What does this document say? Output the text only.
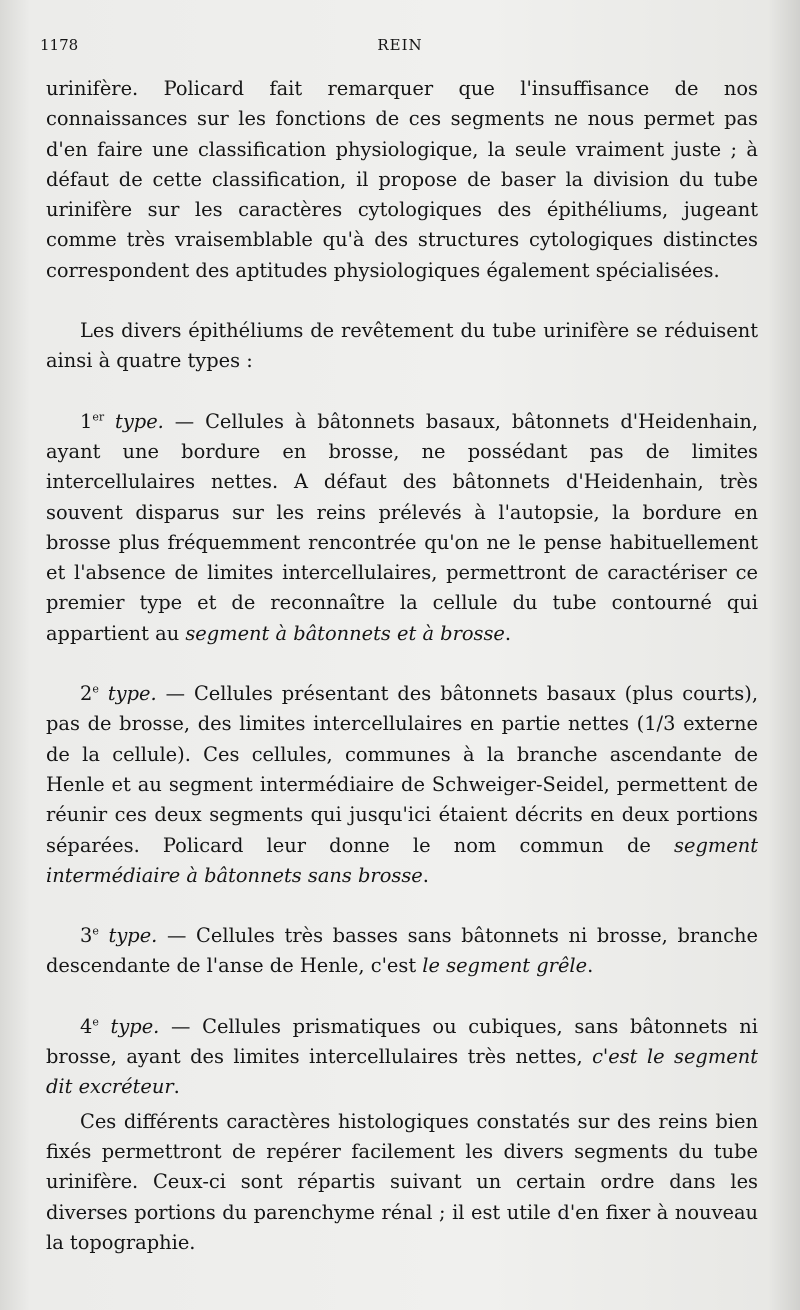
1178	REIN

urinifère. Policard fait remarquer que l'insuffisance de nos connaissances sur les fonctions de ces segments ne nous permet pas d'en faire une classification physiologique, la seule vraiment juste ; à défaut de cette classification, il propose de baser la division du tube urinifère sur les caractères cytologiques des épithéliums, jugeant comme très vraisemblable qu'à des structures cytologiques distinctes correspondent des aptitudes physiologiques également spécialisées.

Les divers épithéliums de revêtement du tube urinifère se réduisent ainsi à quatre types :

1er type. — Cellules à bâtonnets basaux, bâtonnets d'Heidenhain, ayant une bordure en brosse, ne possédant pas de limites intercellulaires nettes. A défaut des bâtonnets d'Heidenhain, très souvent disparus sur les reins prélevés à l'autopsie, la bordure en brosse plus fréquemment rencontrée qu'on ne le pense habituellement et l'absence de limites intercellulaires, permettront de caractériser ce premier type et de reconnaître la cellule du tube contourné qui appartient au segment à bâtonnets et à brosse.

2e type. — Cellules présentant des bâtonnets basaux (plus courts), pas de brosse, des limites intercellulaires en partie nettes (1/3 externe de la cellule). Ces cellules, communes à la branche ascendante de Henle et au segment intermédiaire de Schweiger-Seidel, permettent de réunir ces deux segments qui jusqu'ici étaient décrits en deux portions séparées. Policard leur donne le nom commun de segment intermédiaire à bâtonnets sans brosse.

3e type. — Cellules très basses sans bâtonnets ni brosse, branche descendante de l'anse de Henle, c'est le segment grêle.

4e type. — Cellules prismatiques ou cubiques, sans bâtonnets ni brosse, ayant des limites intercellulaires très nettes, c'est le segment dit excréteur.

Ces différents caractères histologiques constatés sur des reins bien fixés permettront de repérer facilement les divers segments du tube urinifère. Ceux-ci sont répartis suivant un certain ordre dans les diverses portions du parenchyme rénal ; il est utile d'en fixer à nouveau la topographie.
